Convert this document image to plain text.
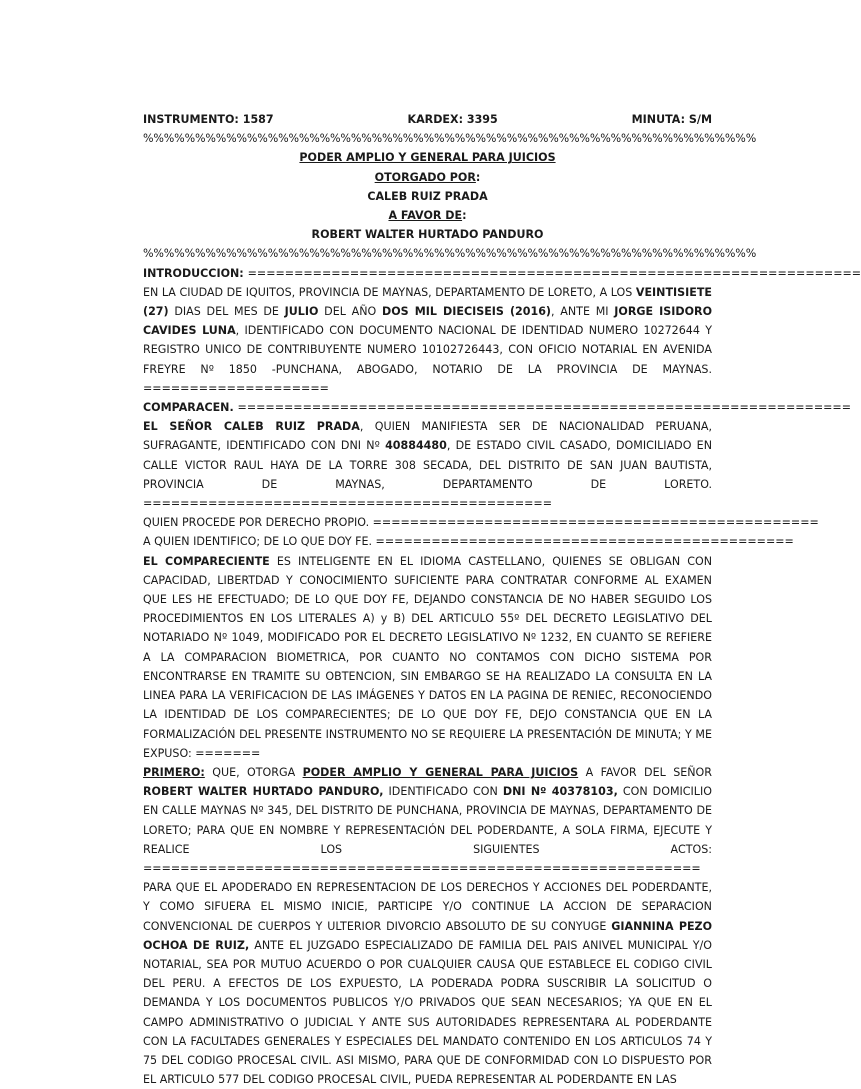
INSTRUMENTO: 1587	KARDEX: 3395	MINUTA: S/M
%%%%%%%%%%%%%%%%%%%%%%%%%%%%%%%%%%%%%%%%%%%%%%%%%%%%%%%%%%%
PODER AMPLIO Y GENERAL PARA JUICIOS
OTORGADO POR:
CALEB RUIZ PRADA
A FAVOR DE:
ROBERT WALTER HURTADO PANDURO
%%%%%%%%%%%%%%%%%%%%%%%%%%%%%%%%%%%%%%%%%%%%%%%%%%%%%%%%%%%
INTRODUCCION: ==================================================================
EN LA CIUDAD DE IQUITOS, PROVINCIA DE MAYNAS, DEPARTAMENTO DE LORETO, A LOS VEINTISIETE (27) DIAS DEL MES DE JULIO DEL AÑO DOS MIL DIECISEIS (2016), ANTE MI JORGE ISIDORO CAVIDES LUNA, IDENTIFICADO CON DOCUMENTO NACIONAL DE IDENTIDAD NUMERO 10272644 Y REGISTRO UNICO DE CONTRIBUYENTE NUMERO 10102726443, CON OFICIO NOTARIAL EN AVENIDA FREYRE Nº 1850 -PUNCHANA, ABOGADO, NOTARIO DE LA PROVINCIA DE MAYNAS. ====================
COMPARACEN. ==================================================================
EL SEÑOR CALEB RUIZ PRADA, QUIEN MANIFIESTA SER DE NACIONALIDAD PERUANA, SUFRAGANTE, IDENTIFICADO CON DNI Nº 40884480, DE ESTADO CIVIL CASADO, DOMICILIADO EN CALLE VICTOR RAUL HAYA DE LA TORRE 308 SECADA, DEL DISTRITO DE SAN JUAN BAUTISTA, PROVINCIA DE MAYNAS, DEPARTAMENTO DE LORETO. ============================================
QUIEN PROCEDE POR DERECHO PROPIO. ================================================
A QUIEN IDENTIFICO; DE LO QUE DOY FE. =============================================
EL COMPARECIENTE ES INTELIGENTE EN EL IDIOMA CASTELLANO, QUIENES SE OBLIGAN CON CAPACIDAD, LIBERTDAD Y CONOCIMIENTO SUFICIENTE PARA CONTRATAR CONFORME AL EXAMEN QUE LES HE EFECTUADO; DE LO QUE DOY FE, DEJANDO CONSTANCIA DE NO HABER SEGUIDO LOS PROCEDIMIENTOS EN LOS LITERALES A) y B) DEL ARTICULO 55º DEL DECRETO LEGISLATIVO DEL NOTARIADO Nº 1049, MODIFICADO POR EL DECRETO LEGISLATIVO Nº 1232, EN CUANTO SE REFIERE A LA COMPARACION BIOMETRICA, POR CUANTO NO CONTAMOS CON DICHO SISTEMA POR ENCONTRARSE EN TRAMITE SU OBTENCION, SIN EMBARGO SE HA REALIZADO LA CONSULTA EN LA LINEA PARA LA VERIFICACION DE LAS IMÁGENES Y DATOS EN LA PAGINA DE RENIEC, RECONOCIENDO LA IDENTIDAD DE LOS COMPARECIENTES; DE LO QUE DOY FE, DEJO CONSTANCIA QUE EN LA FORMALIZACIÓN DEL PRESENTE INSTRUMENTO NO SE REQUIERE LA PRESENTACIÓN DE MINUTA; Y ME EXPUSO: =======
PRIMERO: QUE, OTORGA PODER AMPLIO Y GENERAL PARA JUICIOS A FAVOR DEL SEÑOR ROBERT WALTER HURTADO PANDURO, IDENTIFICADO CON DNI Nº 40378103, CON DOMICILIO EN CALLE MAYNAS Nº 345, DEL DISTRITO DE PUNCHANA, PROVINCIA DE MAYNAS, DEPARTAMENTO DE LORETO; PARA QUE EN NOMBRE Y REPRESENTACIÓN DEL PODERDANTE, A SOLA FIRMA, EJECUTE Y REALICE LOS SIGUIENTES ACTOS: ============================================================
PARA QUE EL APODERADO EN REPRESENTACION DE LOS DERECHOS Y ACCIONES DEL PODERDANTE, Y COMO SIFUERA EL MISMO INICIE, PARTICIPE Y/O CONTINUE LA ACCION DE SEPARACION CONVENCIONAL DE CUERPOS Y ULTERIOR DIVORCIO ABSOLUTO DE SU CONYUGE GIANNINA PEZO OCHOA DE RUIZ, ANTE EL JUZGADO ESPECIALIZADO DE FAMILIA DEL PAIS ANIVEL MUNICIPAL Y/O NOTARIAL, SEA POR MUTUO ACUERDO O POR CUALQUIER CAUSA QUE ESTABLECE EL CODIGO CIVIL DEL PERU. A EFECTOS DE LOS EXPUESTO, LA PODERADA PODRA SUSCRIBIR LA SOLICITUD O DEMANDA Y LOS DOCUMENTOS PUBLICOS Y/O PRIVADOS QUE SEAN NECESARIOS; YA QUE EN EL CAMPO ADMINISTRATIVO O JUDICIAL Y ANTE SUS AUTORIDADES REPRESENTARA AL PODERDANTE CON LA FACULTADES GENERALES Y ESPECIALES DEL MANDATO CONTENIDO EN LOS ARTICULOS 74 Y 75 DEL CODIGO PROCESAL CIVIL. ASI MISMO, PARA QUE DE CONFORMIDAD CON LO DISPUESTO POR EL ARTICULO 577 DEL CODIGO PROCESAL CIVIL, PUEDA REPRESENTAR AL PODERDANTE EN LAS
